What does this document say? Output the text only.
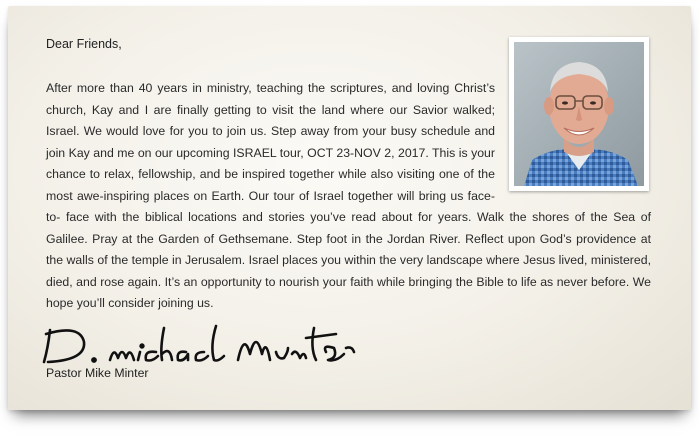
Dear Friends,

After more than 40 years in ministry, teaching the scriptures, and loving Christ’s church, Kay and I are finally getting to visit the land where our Savior walked; Israel. We would love for you to join us. Step away from your busy schedule and join Kay and me on our upcoming ISRAEL tour, OCT 23-NOV 2, 2017. This is your chance to relax, fellowship, and be inspired together while also visiting one of the most awe-inspiring places on Earth. Our tour of Israel together will bring us face-to- face with the biblical locations and stories you’ve read about for years. Walk the shores of the Sea of Galilee. Pray at the Garden of Gethsemane. Step foot in the Jordan River. Reflect upon God’s providence at the walls of the temple in Jerusalem. Israel places you within the very landscape where Jesus lived, ministered, died, and rose again. It’s an opportunity to nourish your faith while bringing the Bible to life as never before. We hope you’ll consider joining us.

Pastor Mike Minter
